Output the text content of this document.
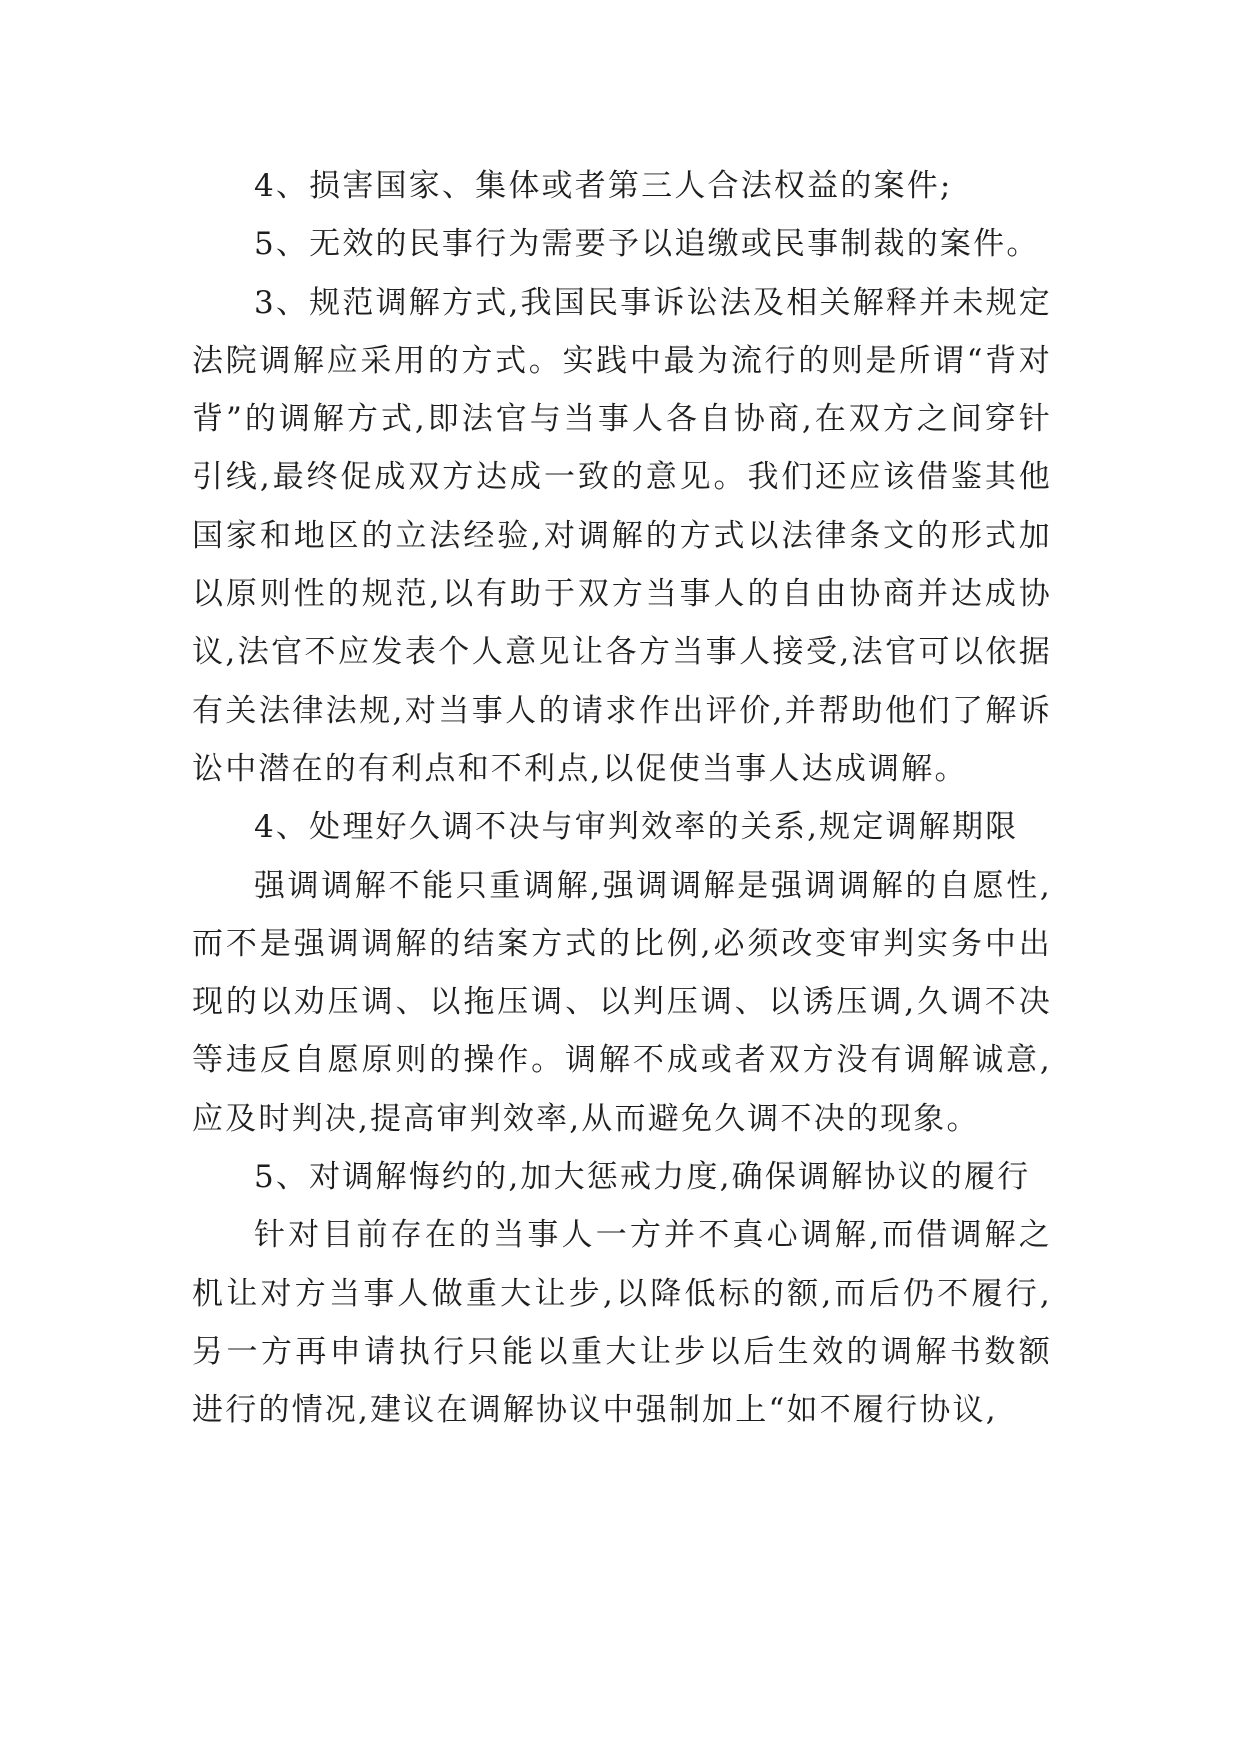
4、损害国家、集体或者第三人合法权益的案件;

5、无效的民事行为需要予以追缴或民事制裁的案件。

3、规范调解方式,我国民事诉讼法及相关解释并未规定法院调解应采用的方式。实践中最为流行的则是所谓“背对背”的调解方式,即法官与当事人各自协商,在双方之间穿针引线,最终促成双方达成一致的意见。我们还应该借鉴其他国家和地区的立法经验,对调解的方式以法律条文的形式加以原则性的规范,以有助于双方当事人的自由协商并达成协议,法官不应发表个人意见让各方当事人接受,法官可以依据有关法律法规,对当事人的请求作出评价,并帮助他们了解诉讼中潜在的有利点和不利点,以促使当事人达成调解。

4、处理好久调不决与审判效率的关系,规定调解期限

强调调解不能只重调解,强调调解是强调调解的自愿性,而不是强调调解的结案方式的比例,必须改变审判实务中出现的以劝压调、以拖压调、以判压调、以诱压调,久调不决等违反自愿原则的操作。调解不成或者双方没有调解诚意,应及时判决,提高审判效率,从而避免久调不决的现象。

5、对调解悔约的,加大惩戒力度,确保调解协议的履行

针对目前存在的当事人一方并不真心调解,而借调解之机让对方当事人做重大让步,以降低标的额,而后仍不履行,另一方再申请执行只能以重大让步以后生效的调解书数额进行的情况,建议在调解协议中强制加上“如不履行协议,
